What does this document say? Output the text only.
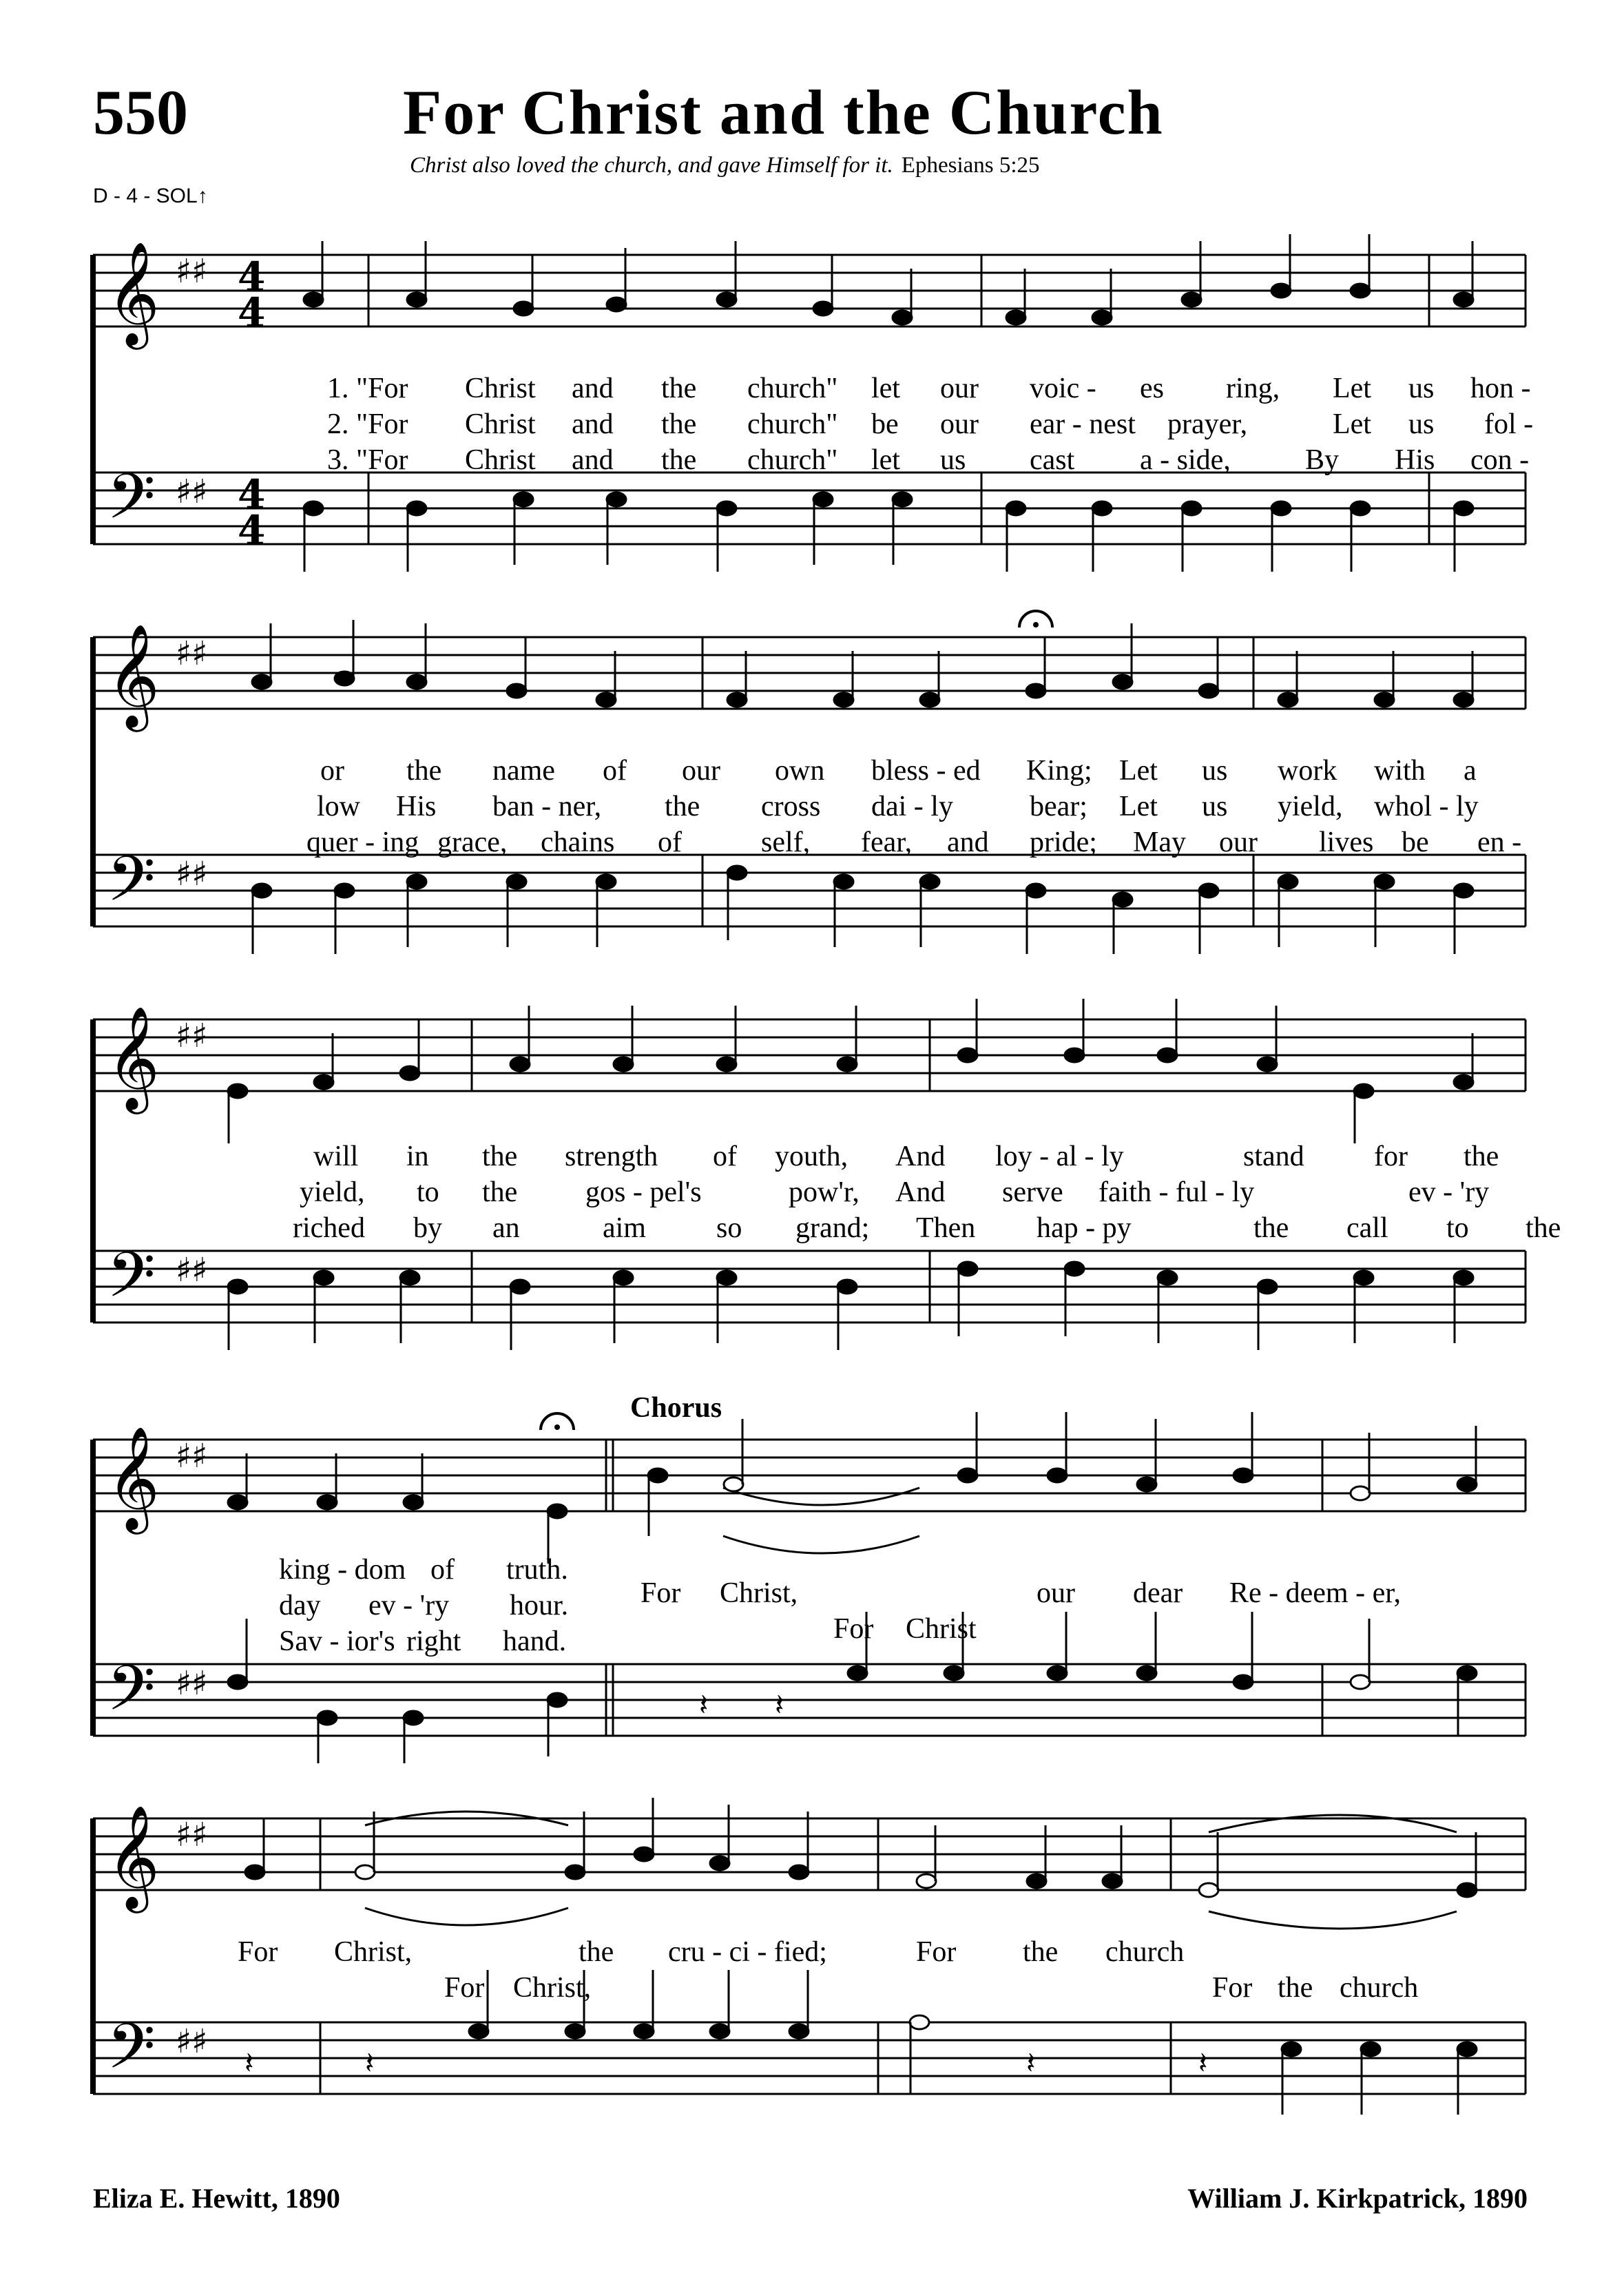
550	For Christ and the Church
Christ also loved the church, and gave Himself for it. Ephesians 5:25
D - 4 - SOL↑
𝄞
𝄢
♯♯
♯♯
4
4
4
4
1. "For Christ and the church" let our voic - es ring, Let us hon -
2. "For Christ and the church" be our ear - nest prayer,	Let us fol -
3. "For Christ and the church" let us cast a - side,	By His con -
𝄞
𝄢
♯♯
♯♯
or the name of our own bless - ed King; Let us work with a
low His ban - ner, the cross dai - ly	bear; Let us yield, whol - ly
quer - ing grace, chains of	self, fear, and pride; May our lives be en -
𝄞
𝄢
♯♯
♯♯
will in the strength of youth, And loy - al - ly	stand for the
yield, to the gos - pel's	pow'r, And serve faith - ful - ly	ev - 'ry
riched by an	aim so grand; Then hap - py	the call to the
Chorus
𝄞
𝄢
♯♯
♯♯
𝄽 𝄽
king - dom of truth.
day ev - 'ry hour. For Christ,	our dear Re - deem - er,
Sav - ior's right hand.	For Christ
𝄞
𝄢
♯♯
♯♯
𝄽	𝄽	𝄽	𝄽
For Christ,	the cru - ci - fied;	For the church
For Christ,	For the church
Eliza E. Hewitt, 1890	William J. Kirkpatrick, 1890
